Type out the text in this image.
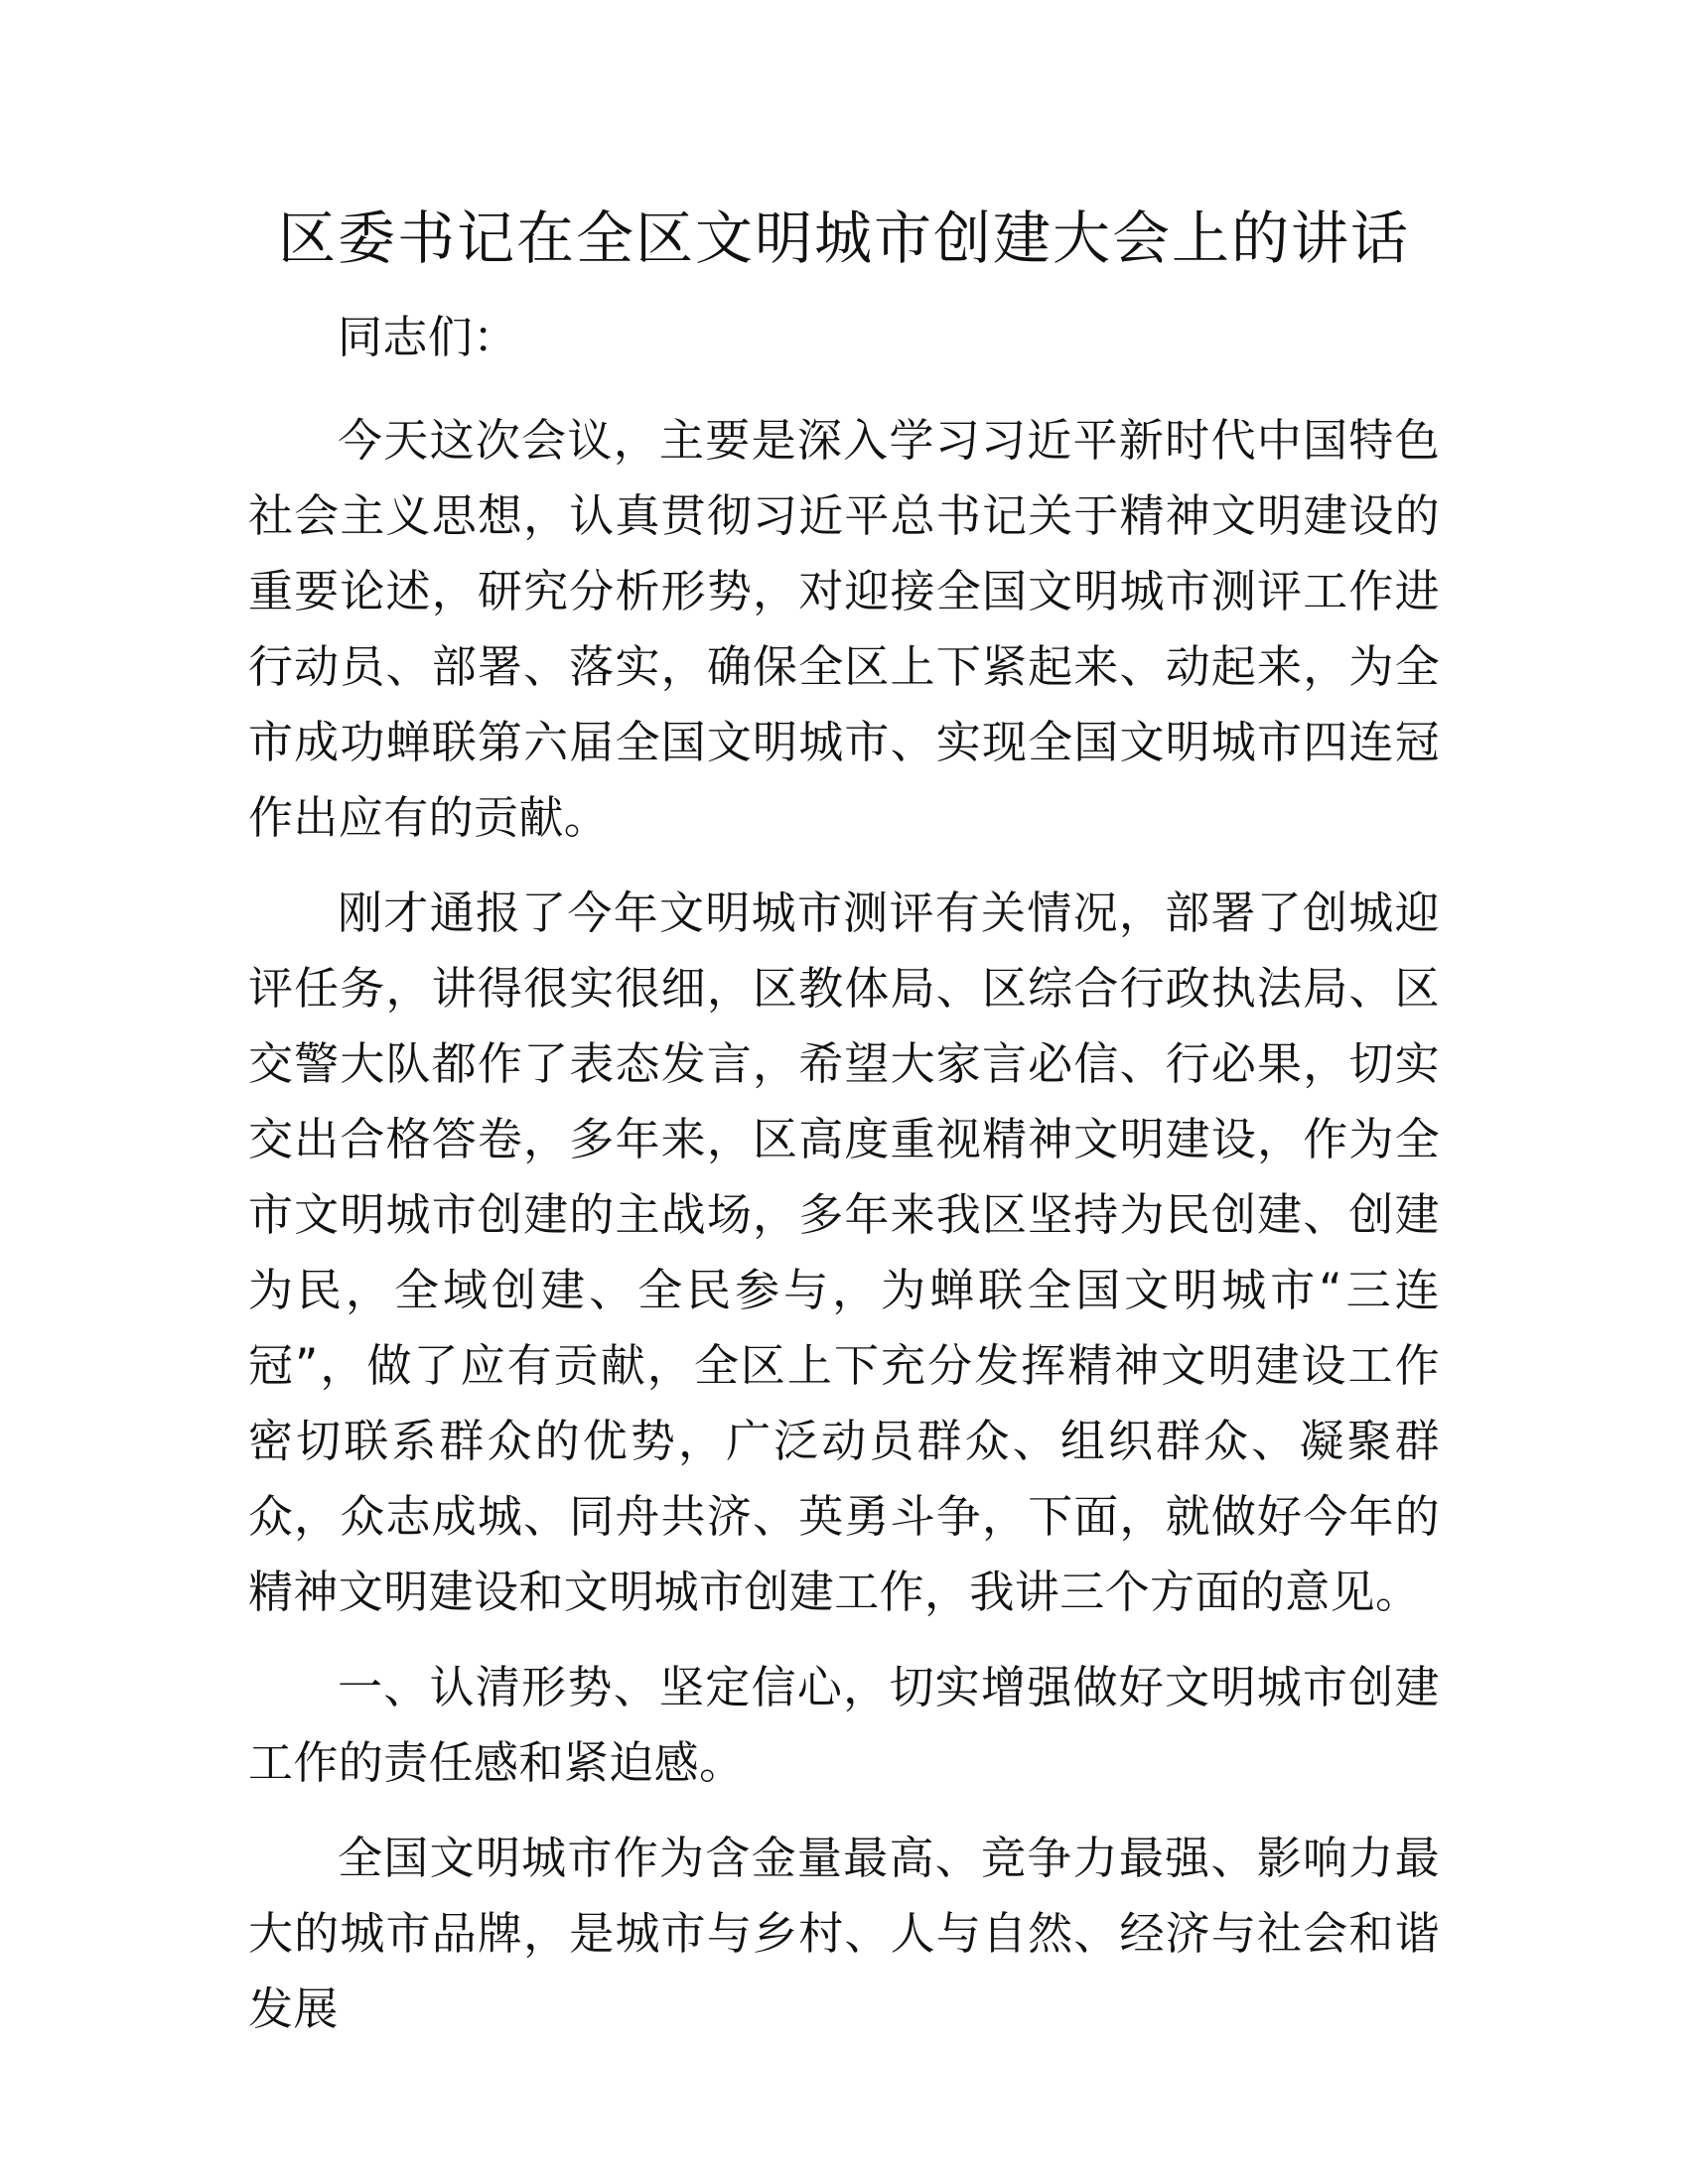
区委书记在全区文明城市创建大会上的讲话

同志们：

今天这次会议，主要是深入学习习近平新时代中国特色社会主义思想，认真贯彻习近平总书记关于精神文明建设的重要论述，研究分析形势，对迎接全国文明城市测评工作进行动员、部署、落实，确保全区上下紧起来、动起来，为全市成功蝉联第六届全国文明城市、实现全国文明城市四连冠作出应有的贡献。

刚才通报了今年文明城市测评有关情况，部署了创城迎评任务，讲得很实很细，区教体局、区综合行政执法局、区交警大队都作了表态发言，希望大家言必信、行必果，切实交出合格答卷，多年来，区高度重视精神文明建设，作为全市文明城市创建的主战场，多年来我区坚持为民创建、创建为民，全域创建、全民参与，为蝉联全国文明城市“三连冠”，做了应有贡献，全区上下充分发挥精神文明建设工作密切联系群众的优势，广泛动员群众、组织群众、凝聚群众，众志成城、同舟共济、英勇斗争，下面，就做好今年的精神文明建设和文明城市创建工作，我讲三个方面的意见。

一、认清形势、坚定信心，切实增强做好文明城市创建工作的责任感和紧迫感。

全国文明城市作为含金量最高、竞争力最强、影响力最大的城市品牌，是城市与乡村、人与自然、经济与社会和谐发展
